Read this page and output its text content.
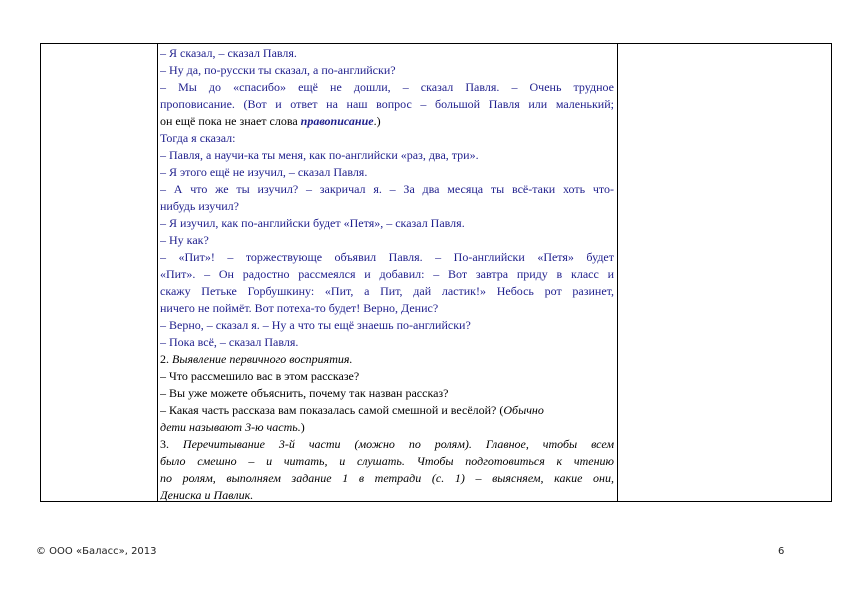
– Я сказал, – сказал Павля.
– Ну да, по-русски ты сказал, а по-английски?
– Мы до «спасибо» ещё не дошли, – сказал Павля. – Очень трудное
проповисание. (Вот и ответ на наш вопрос – большой Павля или маленький;
он ещё пока не знает слова правописание.)
Тогда я сказал:
– Павля, а научи-ка ты меня, как по-английски «раз, два, три».
– Я этого ещё не изучил, – сказал Павля.
– А что же ты изучил? – закричал я. – За два месяца ты всё-таки хоть что-
нибудь изучил?
– Я изучил, как по-английски будет «Петя», – сказал Павля.
– Ну как?
– «Пит»! – торжествующе объявил Павля. – По-английски «Петя» будет
«Пит». – Он радостно рассмеялся и добавил: – Вот завтра приду в класс и
скажу Петьке Горбушкину: «Пит, а Пит, дай ластик!» Небось рот разинет,
ничего не поймёт. Вот потеха-то будет! Верно, Денис?
– Верно, – сказал я. – Ну а что ты ещё знаешь по-английски?
– Пока всё, – сказал Павля.
2. Выявление первичного восприятия.
– Что рассмешило вас в этом рассказе?
– Вы уже можете объяснить, почему так назван рассказ?
– Какая часть рассказа вам показалась самой смешной и весёлой? (Обычно
дети называют 3-ю часть.)
3. Перечитывание 3-й части (можно по ролям). Главное, чтобы всем
было смешно – и читать, и слушать. Чтобы подготовиться к чтению
по ролям, выполняем задание 1 в тетради (с. 1) – выясняем, какие они,
Дениска и Павлик.
© ООО «Баласс», 2013	6
